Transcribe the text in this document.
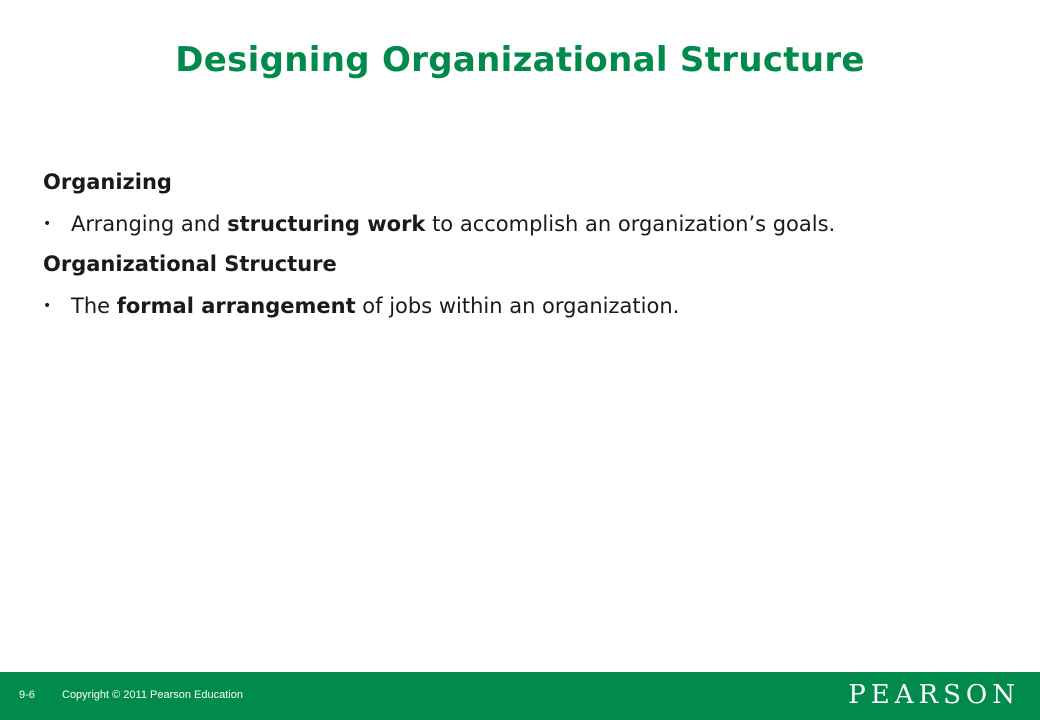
Designing Organizational Structure

Organizing

• Arranging and structuring work to accomplish an organization’s goals.

Organizational Structure

• The formal arrangement of jobs within an organization.
9-6 Copyright © 2011 Pearson Education	PEARSON
